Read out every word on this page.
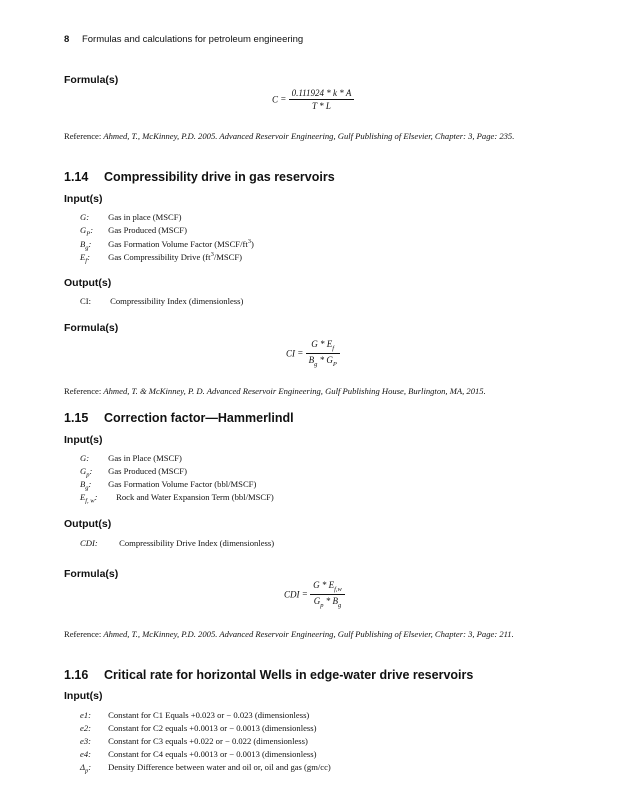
8 Formulas and calculations for petroleum engineering
Formula(s)
$C = \frac{0.111924 * k * A}{T * L}$
Reference: Ahmed, T., McKinney, P.D. 2005. Advanced Reservoir Engineering, Gulf Publishing of Elsevier, Chapter: 3, Page: 235.
1.14 Compressibility drive in gas reservoirs
Input(s)
G: Gas in place (MSCF)
$G_P$: Gas Produced (MSCF)
$B_g$: Gas Formation Volume Factor $(MSCF/ft^3)$
$E_f$: Gas Compressibility Drive $(ft^3/MSCF)$
Output(s)
CI: Compressibility Index (dimensionless)
Formula(s)
CI = $\frac{G * E_f}{B_g * G_P}$
Reference: Ahmed, T. & McKinney, P. D. Advanced Reservoir Engineering, Gulf Publishing House, Burlington, MA, 2015.
1.15 Correction factor—Hammerlindl
Input(s)
G: Gas in Place (MSCF)
$G_p$: Gas Produced (MSCF)
$B_g$: Gas Formation Volume Factor (bbl/MSCF)
$E_{f, w}$: Rock and Water Expansion Term (bbl/MSCF)
Output(s)
CDI: Compressibility Drive Index (dimensionless)
Formula(s)
CDI = $\frac{G * E_{f,w}}{G_p * B_g}$
Reference: Ahmed, T., McKinney, P.D. 2005. Advanced Reservoir Engineering, Gulf Publishing of Elsevier, Chapter: 3, Page: 211.
1.16 Critical rate for horizontal Wells in edge-water drive reservoirs
Input(s)
e1: Constant for C1 Equals +0.023 or − 0.023 (dimensionless)
e2: Constant for C2 equals +0.0013 or − 0.0013 (dimensionless)
e3: Constant for C3 equals +0.022 or − 0.022 (dimensionless)
e4: Constant for C4 equals +0.0013 or − 0.0013 (dimensionless)
$\Delta_p$: Density Difference between water and oil or, oil and gas (gm/cc)
